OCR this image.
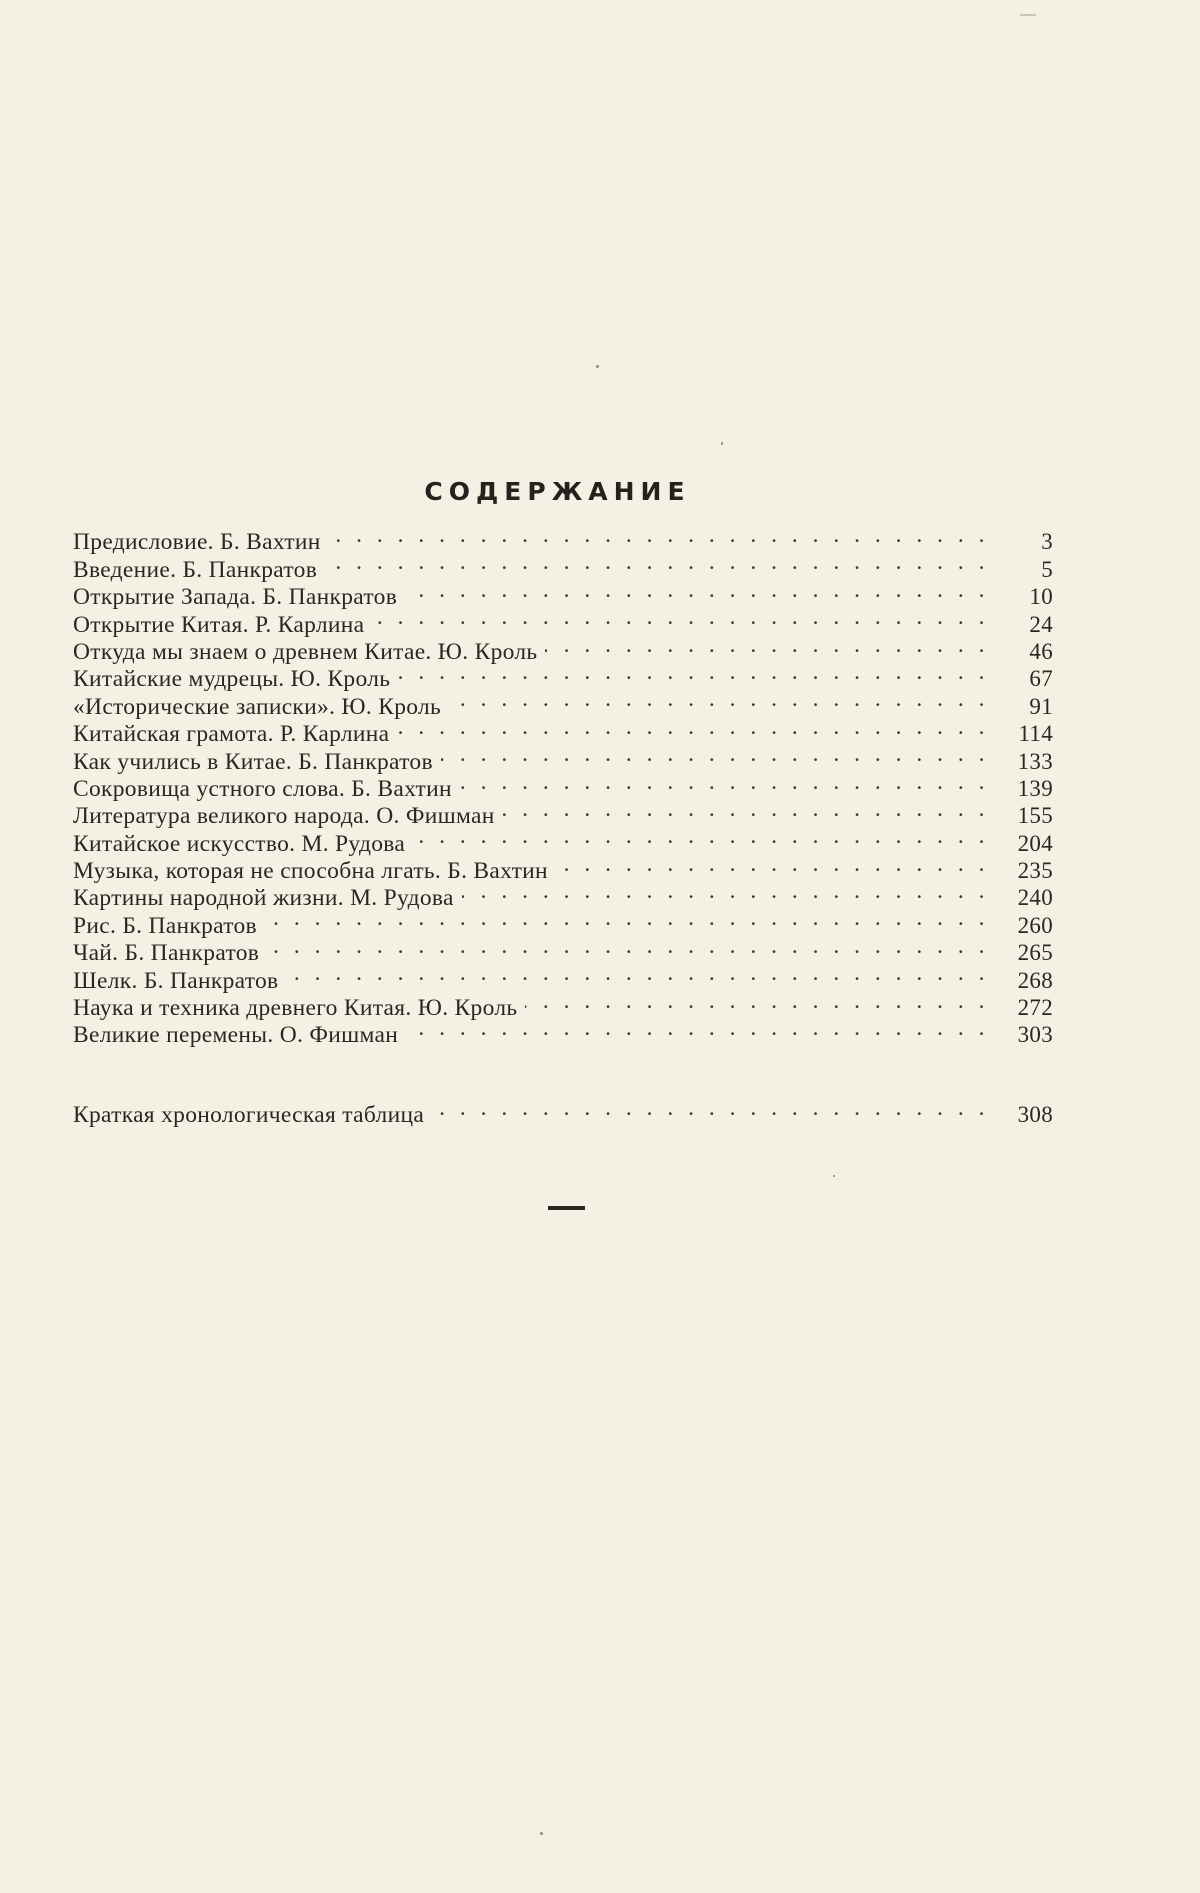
СОДЕРЖАНИЕ
Предисловие. Б. Вахтин . . .	3
Введение. Б. Панкратов . . .	5
Открытие Запада. Б. Панкратов . . .	10
Открытие Китая. Р. Карлина . . .	24
Откуда мы знаем о древнем Китае. Ю. Кроль . . .	46
Китайские мудрецы. Ю. Кроль . . .	67
«Исторические записки». Ю. Кроль . . .	91
Китайская грамота. Р. Карлина . . .	114
Как учились в Китае. Б. Панкратов . . .	133
Сокровища устного слова. Б. Вахтин . . .	139
Литература великого народа. О. Фишман . . .	155
Китайское искусство. М. Рудова . . .	204
Музыка, которая не способна лгать. Б. Вахтин . . .	235
Картины народной жизни. М. Рудова . . .	240
Рис. Б. Панкратов . . .	260
Чай. Б. Панкратов . . .	265
Шелк. Б. Панкратов . . .	268
Наука и техника древнего Китая. Ю. Кроль . . .	272
Великие перемены. О. Фишман . . .	303
Краткая хронологическая таблица . . .	308
